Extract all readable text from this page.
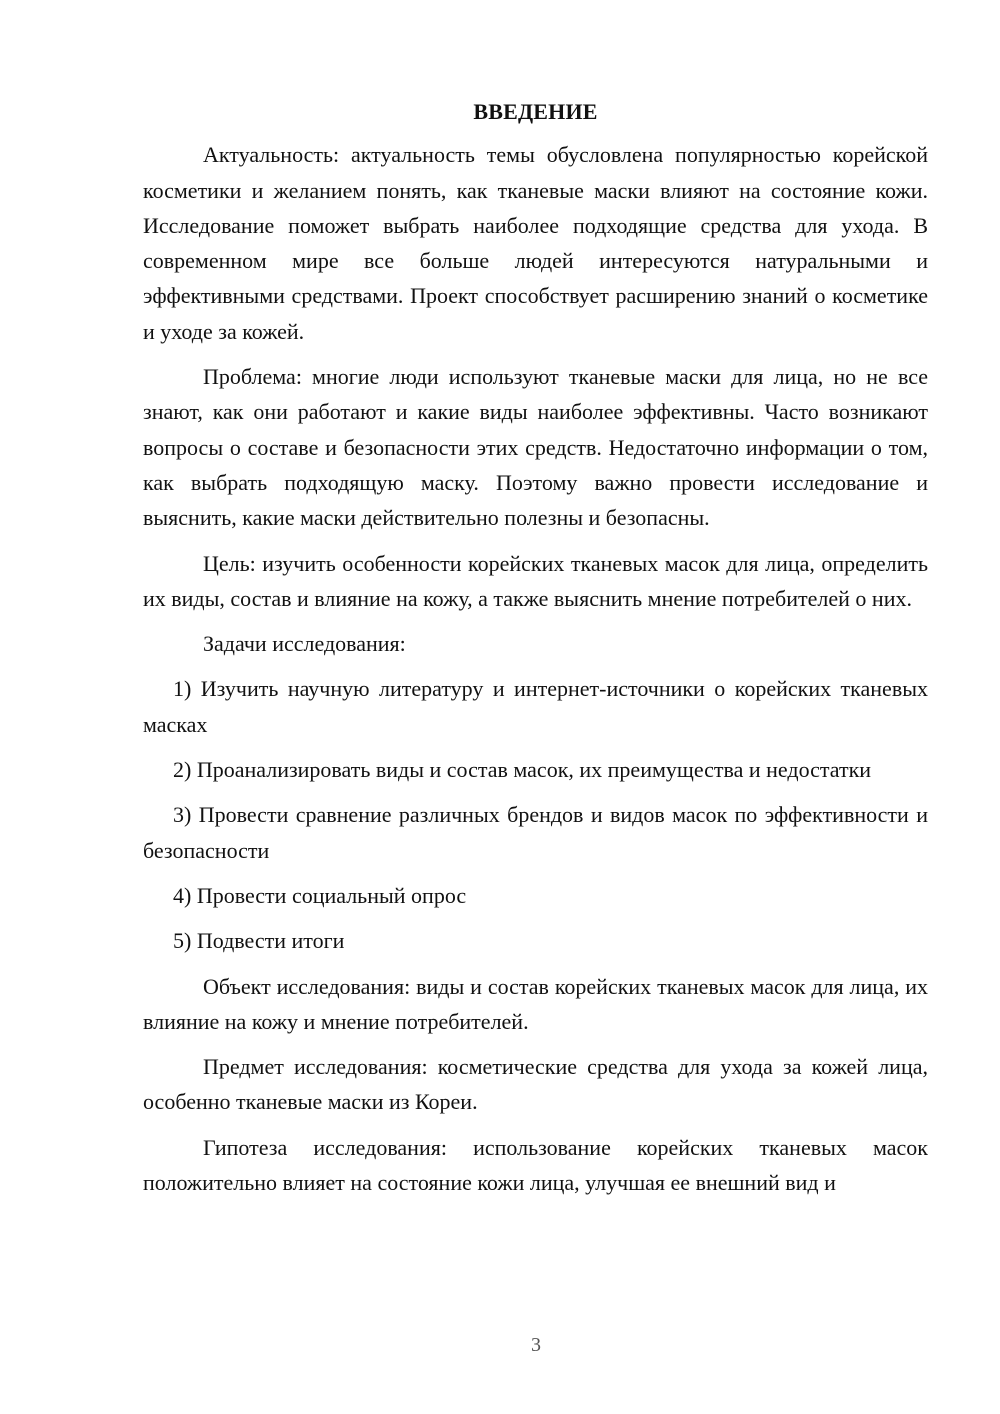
ВВЕДЕНИЕ

Актуальность: актуальность темы обусловлена популярностью корейской косметики и желанием понять, как тканевые маски влияют на состояние кожи. Исследование поможет выбрать наиболее подходящие средства для ухода. В современном мире все больше людей интересуются натуральными и эффективными средствами. Проект способствует расширению знаний о косметике и уходе за кожей.

Проблема: многие люди используют тканевые маски для лица, но не все знают, как они работают и какие виды наиболее эффективны. Часто возникают вопросы о составе и безопасности этих средств. Недостаточно информации о том, как выбрать подходящую маску. Поэтому важно провести исследование и выяснить, какие маски действительно полезны и безопасны.

Цель: изучить особенности корейских тканевых масок для лица, определить их виды, состав и влияние на кожу, а также выяснить мнение потребителей о них.

Задачи исследования:

1) Изучить научную литературу и интернет-источники о корейских тканевых масках

2) Проанализировать виды и состав масок, их преимущества и недостатки

3) Провести сравнение различных брендов и видов масок по эффективности и безопасности

4) Провести социальный опрос

5) Подвести итоги

Объект исследования: виды и состав корейских тканевых масок для лица, их влияние на кожу и мнение потребителей.

Предмет исследования: косметические средства для ухода за кожей лица, особенно тканевые маски из Кореи.

Гипотеза исследования: использование корейских тканевых масок положительно влияет на состояние кожи лица, улучшая ее внешний вид и

3
